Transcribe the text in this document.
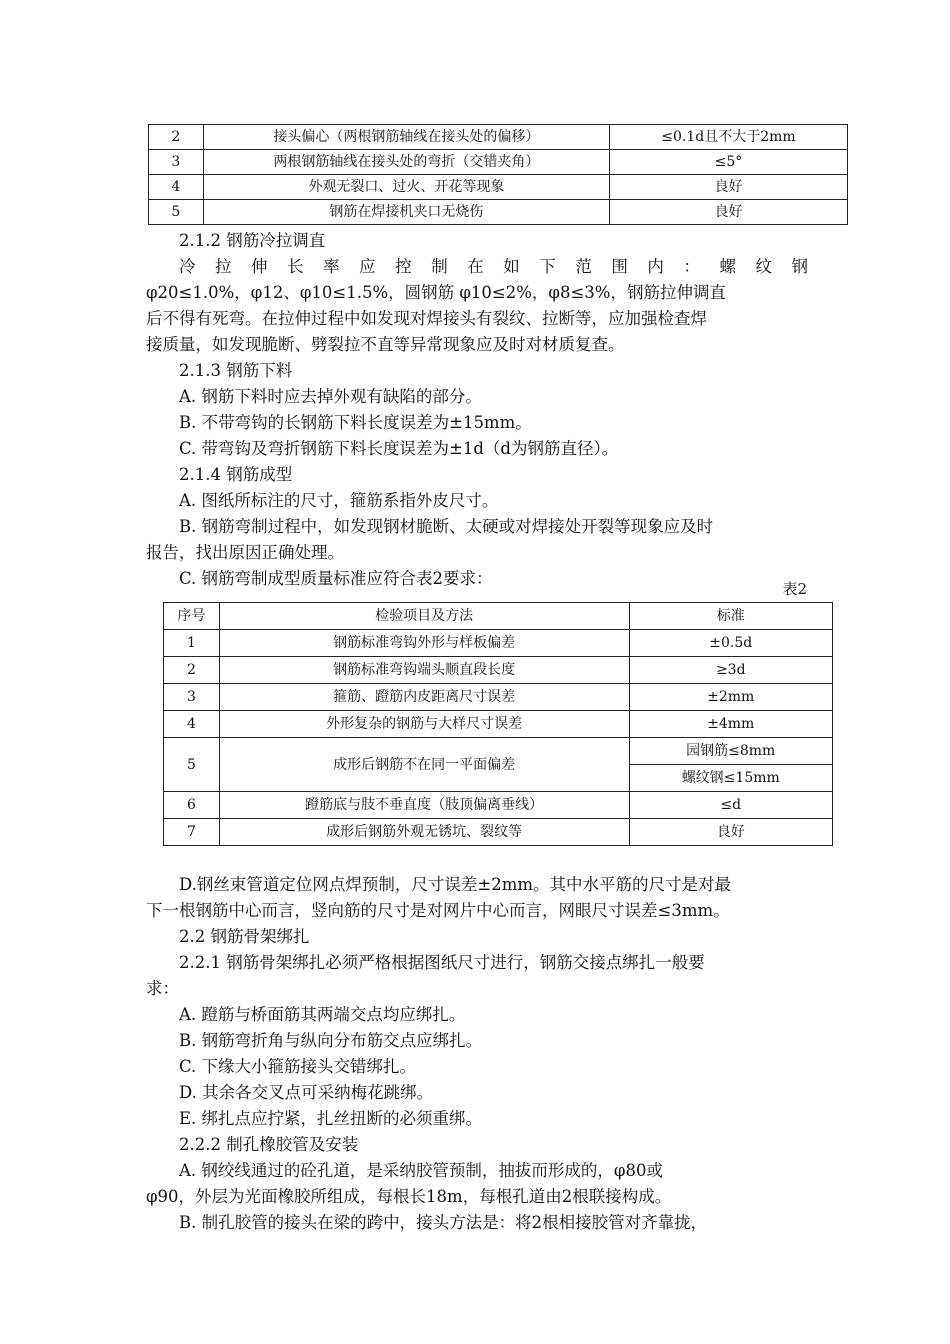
2	接头偏心（两根钢筋轴线在接头处的偏移）	≤0.1d且不大于2mm
3	两根钢筋轴线在接头处的弯折（交错夹角）	≤5°
4	外观无裂口、过火、开花等现象	良好
5	钢筋在焊接机夹口无烧伤	良好
2.1.2 钢筋冷拉调直
冷拉伸长率应控制在如下范围内：螺纹钢
φ20≤1.0%，φ12、φ10≤1.5%，圆钢筋 φ10≤2%，φ8≤3%，钢筋拉伸调直
后不得有死弯。在拉伸过程中如发现对焊接头有裂纹、拉断等，应加强检查焊
接质量，如发现脆断、劈裂拉不直等异常现象应及时对材质复查。
2.1.3 钢筋下料
A. 钢筋下料时应去掉外观有缺陷的部分。
B. 不带弯钩的长钢筋下料长度误差为±15mm。
C. 带弯钩及弯折钢筋下料长度误差为±1d（d为钢筋直径）。
2.1.4 钢筋成型
A. 图纸所标注的尺寸，箍筋系指外皮尺寸。
B. 钢筋弯制过程中，如发现钢材脆断、太硬或对焊接处开裂等现象应及时
报告，找出原因正确处理。
C. 钢筋弯制成型质量标准应符合表2要求：
表2
序号	检验项目及方法	标准
1	钢筋标准弯钩外形与样板偏差	±0.5d
2	钢筋标准弯钩端头顺直段长度	≥3d
3	箍筋、蹬筋内皮距离尺寸误差	±2mm
4	外形复杂的钢筋与大样尺寸误差	±4mm
5	成形后钢筋不在同一平面偏差	园钢筋≤8mm
		螺纹钢≤15mm
6	蹬筋底与肢不垂直度（肢顶偏离垂线）	≤d
7	成形后钢筋外观无锈坑、裂纹等	良好
D.钢丝束管道定位网点焊预制，尺寸误差±2mm。其中水平筋的尺寸是对最
下一根钢筋中心而言，竖向筋的尺寸是对网片中心而言，网眼尺寸误差≤3mm。
2.2 钢筋骨架绑扎
2.2.1 钢筋骨架绑扎必须严格根据图纸尺寸进行，钢筋交接点绑扎一般要
求：
A. 蹬筋与桥面筋其两端交点均应绑扎。
B. 钢筋弯折角与纵向分布筋交点应绑扎。
C. 下缘大小箍筋接头交错绑扎。
D. 其余各交叉点可采纳梅花跳绑。
E. 绑扎点应拧紧，扎丝扭断的必须重绑。
2.2.2 制孔橡胶管及安装
A. 钢绞线通过的砼孔道，是采纳胶管预制，抽拔而形成的，φ80或
φ90，外层为光面橡胶所组成，每根长18m，每根孔道由2根联接构成。
B. 制孔胶管的接头在梁的跨中，接头方法是：将2根相接胶管对齐靠拢，
